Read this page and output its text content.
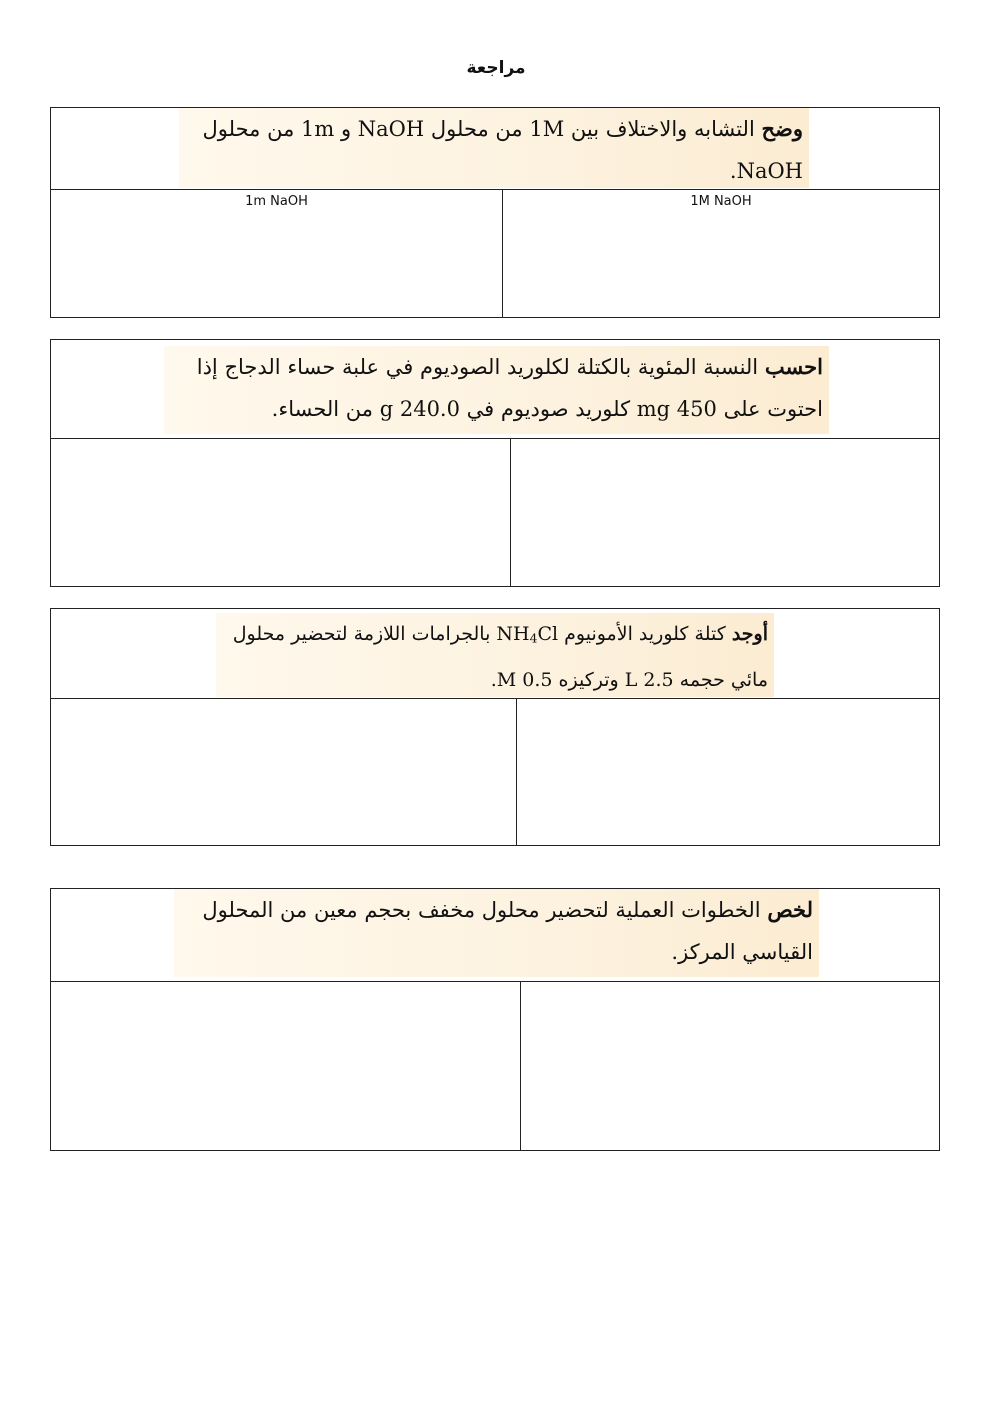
مراجعة
وضح التشابه والاختلاف بين 1M من محلول NaOH و 1m من محلول NaOH.
1m NaOH	1M NaOH
احسب النسبة المئوية بالكتلة لكلوريد الصوديوم في علبة حساء الدجاج إذا احتوت على 450 mg كلوريد صوديوم في 240.0 g من الحساء.
أوجد كتلة كلوريد الأمونيوم $NH_4Cl$ بالجرامات اللازمة لتحضير محلول مائي حجمه 2.5 L وتركيزه 0.5 M.
لخص الخطوات العملية لتحضير محلول مخفف بحجم معين من المحلول القياسي المركز.
